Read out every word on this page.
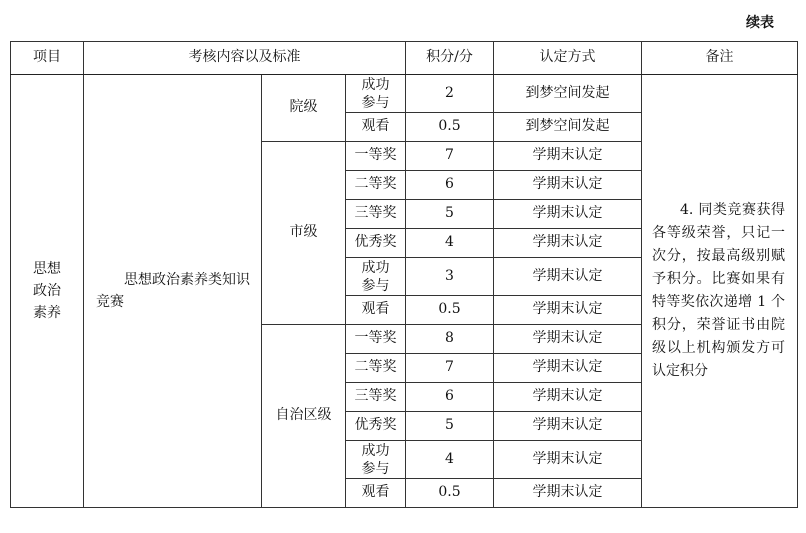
续表
项目	考核内容以及标准			积分/分	认定方式	备注

思想
政治
素养	思想政治素养类知识
竞赛	院级	成功
参与	2	到梦空间发起	4. 同类竞赛获得各等级荣誉，只记一次分，按最高级别赋予积分。比赛如果有特等奖依次递增 1 个积分，荣誉证书由院级以上机构颁发方可认定积分
			观看	0.5	到梦空间发起	
		市级	一等奖	7	学期末认定	
			二等奖	6	学期末认定	
			三等奖	5	学期末认定	
			优秀奖	4	学期末认定	
			成功
参与	3	学期末认定	
			观看	0.5	学期末认定	
		自治区级	一等奖	8	学期末认定	
			二等奖	7	学期末认定	
			三等奖	6	学期末认定	
			优秀奖	5	学期末认定	
			成功
参与	4	学期末认定	
			观看	0.5	学期末认定	
